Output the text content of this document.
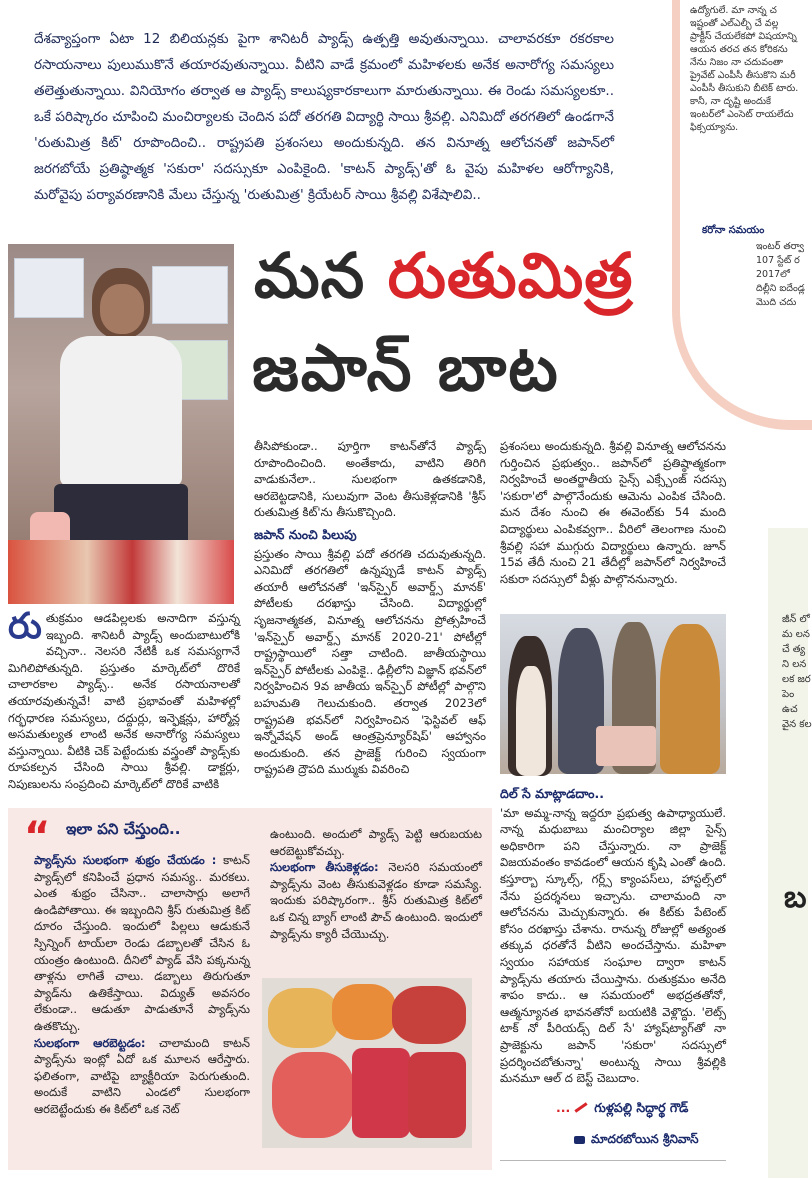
ఉద్యోగులే. మా నాన్న చ ఇష్టంతో ఎల్ఎల్బీ చే వల్ల ప్రాక్టీస్ చేయలేకపో విషయాన్ని ఆయన తరచ తన కోరికను నేను నిజం నా చదువంతా ప్రైవేట్‌ ఎంపీసీ తీసుకొని మరీ ఎంపీసీ తీసుకుని బీటెక్ టారు. కానీ, నా దృష్టి అందుకే ఇంటర్‌లో ఎంసెట్ రాయలేదు ఫిక్సయ్యాను.
కరోనా సమయం
ఇంటర్ తర్వా 107 స్టేట్ ర 2017లో దిల్లీని ఐదేండ్ల మొది చదు
జీన్ లో మ లన చే త్య ని లన లక జర పెం ఉచ వైన కల
బ

దేశవ్యాప్తంగా ఏటా 12 బిలియన్లకు పైగా శానిటరీ ప్యాడ్స్ ఉత్పత్తి అవుతున్నాయి. చాలావరకూ రకరకాల రసాయనాలు పులుముకొనే తయారవుతున్నాయి. వీటిని వాడే క్రమంలో మహిళలకు అనేక అనారోగ్య సమస్యలు తలెత్తుతున్నాయి. వినియోగం తర్వాత ఆ ప్యాడ్స్ కాలుష్యకారకాలుగా మారుతున్నాయి. ఈ రెండు సమస్యలకూ.. ఒకే పరిష్కారం చూపించి మంచిర్యాలకు చెందిన పదో తరగతి విద్యార్థి సాయి శ్రీవల్లి. ఎనిమిదో తరగతిలో ఉండగానే 'రుతుమిత్ర కిట్' రూపొందించి.. రాష్ట్రపతి ప్రశంసలు అందుకున్నది. తన వినూత్న ఆలోచనతో జపాన్‌లో జరగబోయే ప్రతిష్ఠాత్మక 'సకురా' సదస్సుకూ ఎంపికైంది. 'కాటన్ ప్యాడ్స్'తో ఓ వైపు మహిళల ఆరోగ్యానికి, మరోవైపు పర్యావరణానికి మేలు చేస్తున్న 'రుతుమిత్ర' క్రియేటర్ సాయి శ్రీవల్లి విశేషాలివి..

మన రుతుమిత్ర
జపాన్ బాట
రుతుక్రమం ఆడపిల్లలకు అనాదిగా వస్తున్న ఇబ్బంది. శానిటరీ ప్యాడ్స్ అందుబాటులోకి వచ్చినా.. నెలసరి నేటికీ ఒక సమస్యగానే మిగిలిపోతున్నది. ప్రస్తుతం మార్కెట్‌లో దొరికే చాలారకాల ప్యాడ్స్.. అనేక రసాయనాలతో తయారవుతున్నవే! వాటి ప్రభావంతో మహిళల్లో గర్భధారణ సమస్యలు, దద్దుర్లు, ఇన్ఫెక్షన్లు, హార్మోన్ల అసమతుల్యత లాంటి అనేక అనారోగ్య సమస్యలు వస్తున్నాయి. వీటికి చెక్ పెట్టేందుకు వస్త్రంతో ప్యాడ్స్‌కు రూపకల్పన చేసింది సాయి శ్రీవల్లి. డాక్టర్లు, నిపుణులను సంప్రదించి మార్కెట్‌లో దొరికే వాటికి

తీసిపోకుండా.. పూర్తిగా కాటన్‌తోనే ప్యాడ్స్ రూపొందించింది. అంతేకాదు, వాటిని తిరిగి వాడుకునేలా.. సులభంగా ఉతకడానికి, ఆరబెట్టడానికి, సులువుగా వెంట తీసుకెళ్లడానికి 'శ్రీస్ రుతుమిత్ర కిట్'ను తీసుకొచ్చింది.

జపాన్ నుంచి పిలుపు

ప్రస్తుతం సాయి శ్రీవల్లి పదో తరగతి చదువుతున్నది. ఎనిమిదో తరగతిలో ఉన్నప్పుడే కాటన్ ప్యాడ్స్ తయారీ ఆలోచనతో 'ఇన్‌స్పైర్ అవార్డ్స్ మానక్' పోటీలకు దరఖాస్తు చేసింది. విద్యార్థుల్లో సృజనాత్మకత, వినూత్న ఆలోచనను ప్రోత్సహించే 'ఇన్‌స్పైర్ అవార్డ్స్ మానక్ 2020-21' పోటీల్లో రాష్ట్రస్థాయిలో సత్తా చాటింది. జాతీయస్థాయి ఇన్‌స్పైర్ పోటీలకు ఎంపికై.. ఢిల్లీలోని విజ్ఞాన్ భవన్‌లో నిర్వహించిన 9వ జాతీయ ఇన్‌స్పైర్ పోటీల్లో పాల్గొని బహుమతి గెలుచుకుంది. తర్వాత 2023లో రాష్ట్రపతి భవన్‌లో నిర్వహించిన 'ఫెస్టివల్ ఆఫ్ ఇన్నోవేషన్ అండ్ ఆంత్రప్రెన్యూర్‌షిప్' ఆహ్వానం అందుకుంది. తన ప్రాజెక్ట్ గురించి స్వయంగా రాష్ట్రపతి ద్రౌపది ముర్ముకు వివరించి

ప్రశంసలు అందుకున్నది. శ్రీవల్లి వినూత్న ఆలోచనను గుర్తించిన ప్రభుత్వం.. జపాన్‌లో ప్రతిష్ఠాత్మకంగా నిర్వహించే అంతర్జాతీయ సైన్స్ ఎక్స్చేంజ్ సదస్సు 'సకురా'లో పాల్గొనేందుకు ఆమెను ఎంపిక చేసింది. మన దేశం నుంచి ఈ ఈవెంట్‌కు 54 మంది విద్యార్థులు ఎంపికవ్వగా.. వీరిలో తెలంగాణ నుంచి శ్రీవల్లి సహా ముగ్గురు విద్యార్థులు ఉన్నారు. జూన్ 15వ తేదీ నుంచి 21 తేదీల్లో జపాన్‌లో నిర్వహించే సకురా సదస్సులో వీళ్లు పాల్గొననున్నారు.

దిల్ సే మాట్లాడదాం..

'మా అమ్మ-నాన్న ఇద్దరూ ప్రభుత్వ ఉపాధ్యాయులే. నాన్న మధుబాబు మంచిర్యాల జిల్లా సైన్స్ అధికారిగా పని చేస్తున్నారు. నా ప్రాజెక్ట్ విజయవంతం కావడంలో ఆయన కృషి ఎంతో ఉంది. కస్తూర్బా స్కూల్స్, గర్ల్స్ క్యాంపస్‌లు, హాస్టల్స్‌లో నేను ప్రదర్శనలు ఇచ్చాను. చాలామంది నా ఆలోచనను మెచ్చుకున్నారు. ఈ కిట్‌కు పేటెంట్ కోసం దరఖాస్తు చేశాను. రానున్న రోజుల్లో అత్యంత తక్కువ ధరతోనే వీటిని అందచేస్తాను. మహిళా స్వయం సహాయక సంఘాల ద్వారా కాటన్ ప్యాడ్స్‌ను తయారు చేయిస్తాను. రుతుక్రమం అనేది శాపం కాదు.. ఆ సమయంలో అభద్రతతోనో, ఆత్మన్యూనత భావనతోనో బయటికి వెళ్లొద్దు. 'లెట్స్ టాక్ నో పీరియడ్స్ దిల్ సే' హ్యాష్‌ట్యాగ్‌తో నా ప్రాజెక్టును జపాన్ 'సకురా' సదస్సులో ప్రదర్శించబోతున్నా' అంటున్న సాయి శ్రీవల్లికి మనమూ ఆల్ ద బెస్ట్ చెబుదాం.

“ ఇలా పని చేస్తుంది..

ప్యాడ్స్‌ను సులభంగా శుభ్రం చేయడం : కాటన్ ప్యాడ్స్‌లో కనిపించే ప్రధాన సమస్య.. మరకలు. ఎంత శుభ్రం చేసినా.. చాలాసార్లు అలాగే ఉండిపోతాయి. ఈ ఇబ్బందిని శ్రీస్ రుతుమిత్ర కిట్ దూరం చేస్తుంది. ఇందులో పిల్లలు ఆడుకునే స్పిన్నింగ్ టాయ్‌లా రెండు డబ్బాలతో చేసిన ఓ యంత్రం ఉంటుంది. దీనిలో ప్యాడ్ వేసి పక్కనున్న తాళ్లను లాగితే చాలు. డబ్బాలు తిరుగుతూ ప్యాడ్‌ను ఉతికేస్తాయి. విద్యుత్ అవసరం లేకుండా.. ఆడుతూ పాడుతూనే ప్యాడ్స్‌ను ఉతకొచ్చు.

సులభంగా ఆరబెట్టడం: చాలామంది కాటన్ ప్యాడ్స్‌ను ఇంట్లో ఏదో ఒక మూలన ఆరేస్తారు. ఫలితంగా, వాటిపై బ్యాక్టీరియా పెరుగుతుంది. అందుకే వాటిని ఎండలో సులభంగా ఆరబెట్టేందుకు ఈ కిట్‌లో ఒక నెట్

ఉంటుంది. అందులో ప్యాడ్స్ పెట్టి ఆరుబయట ఆరబెట్టుకోవచ్చు.

సులభంగా తీసుకెళ్లడం: నెలసరి సమయంలో ప్యాడ్స్‌ను వెంట తీసుకువెళ్లడం కూడా సమస్యే. ఇందుకు పరిష్కారంగా.. శ్రీస్ రుతుమిత్ర కిట్‌లో ఒక చిన్న బ్యాగ్ లాంటి పౌచ్ ఉంటుంది. ఇందులో ప్యాడ్స్‌ను క్యారీ చేయొచ్చు.

... గుళ్లపల్లి సిద్ధార్థ గౌడ్
మాదరబోయిన శ్రీనివాస్
